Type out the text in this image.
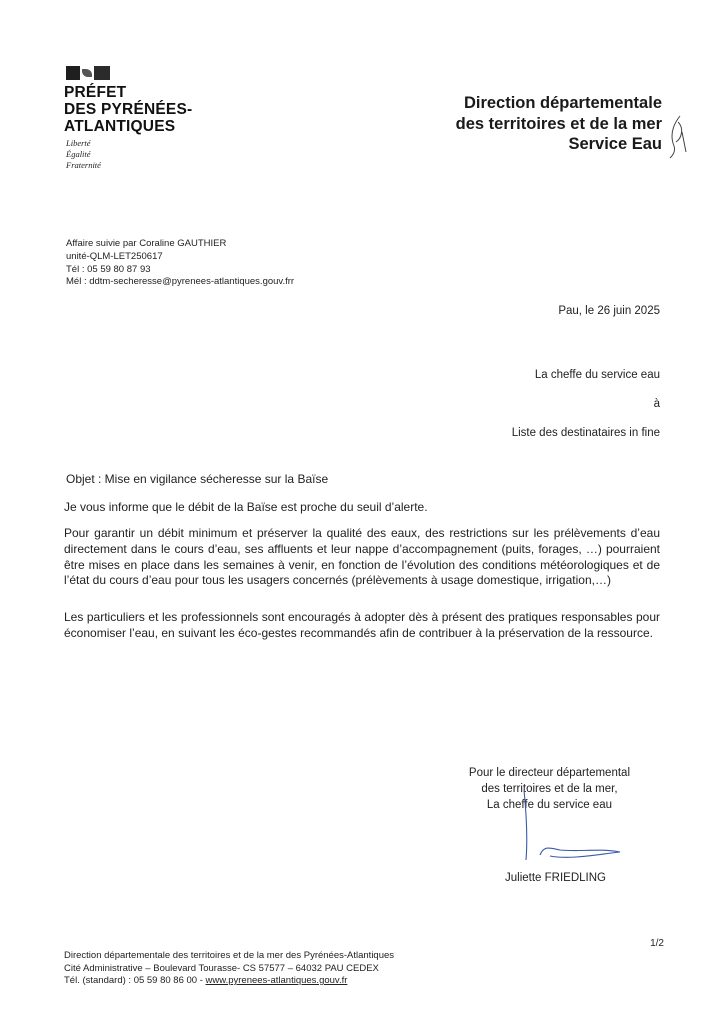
PRÉFET
DES PYRÉNÉES-
ATLANTIQUES
Liberté
Égalité
Fraternité
Direction départementale
des territoires et de la mer
Service Eau
Affaire suivie par Coraline GAUTHIER
unité-QLM-LET250617
Tél : 05 59 80 87 93
Mél : ddtm-secheresse@pyrenees-atlantiques.gouv.frr
Pau, le 26 juin 2025
La cheffe du service eau
à
Liste des destinataires in fine
Objet : Mise en vigilance sécheresse sur la Baïse
Je vous informe que le débit de la Baïse est proche du seuil d’alerte.
Pour garantir un débit minimum et préserver la qualité des eaux, des restrictions sur les prélèvements d’eau directement dans le cours d’eau, ses affluents et leur nappe d’accompagnement (puits, forages, …) pourraient être mises en place dans les semaines à venir, en fonction de l’évolution des conditions météorologiques et de l’état du cours d’eau pour tous les usagers concernés (prélèvements à usage domestique, irrigation,…)
Les particuliers et les professionnels sont encouragés à adopter dès à présent des pratiques responsables pour économiser l’eau, en suivant les éco-gestes recommandés afin de contribuer à la préservation de la ressource.
Pour le directeur départemental
des territoires et de la mer,
La cheffe du service eau
Juliette FRIEDLING
1/2
Direction départementale des territoires et de la mer des Pyrénées-Atlantiques
Cité Administrative – Boulevard Tourasse- CS 57577 – 64032 PAU CEDEX
Tél. (standard) : 05 59 80 86 00 - www.pyrenees-atlantiques.gouv.fr
